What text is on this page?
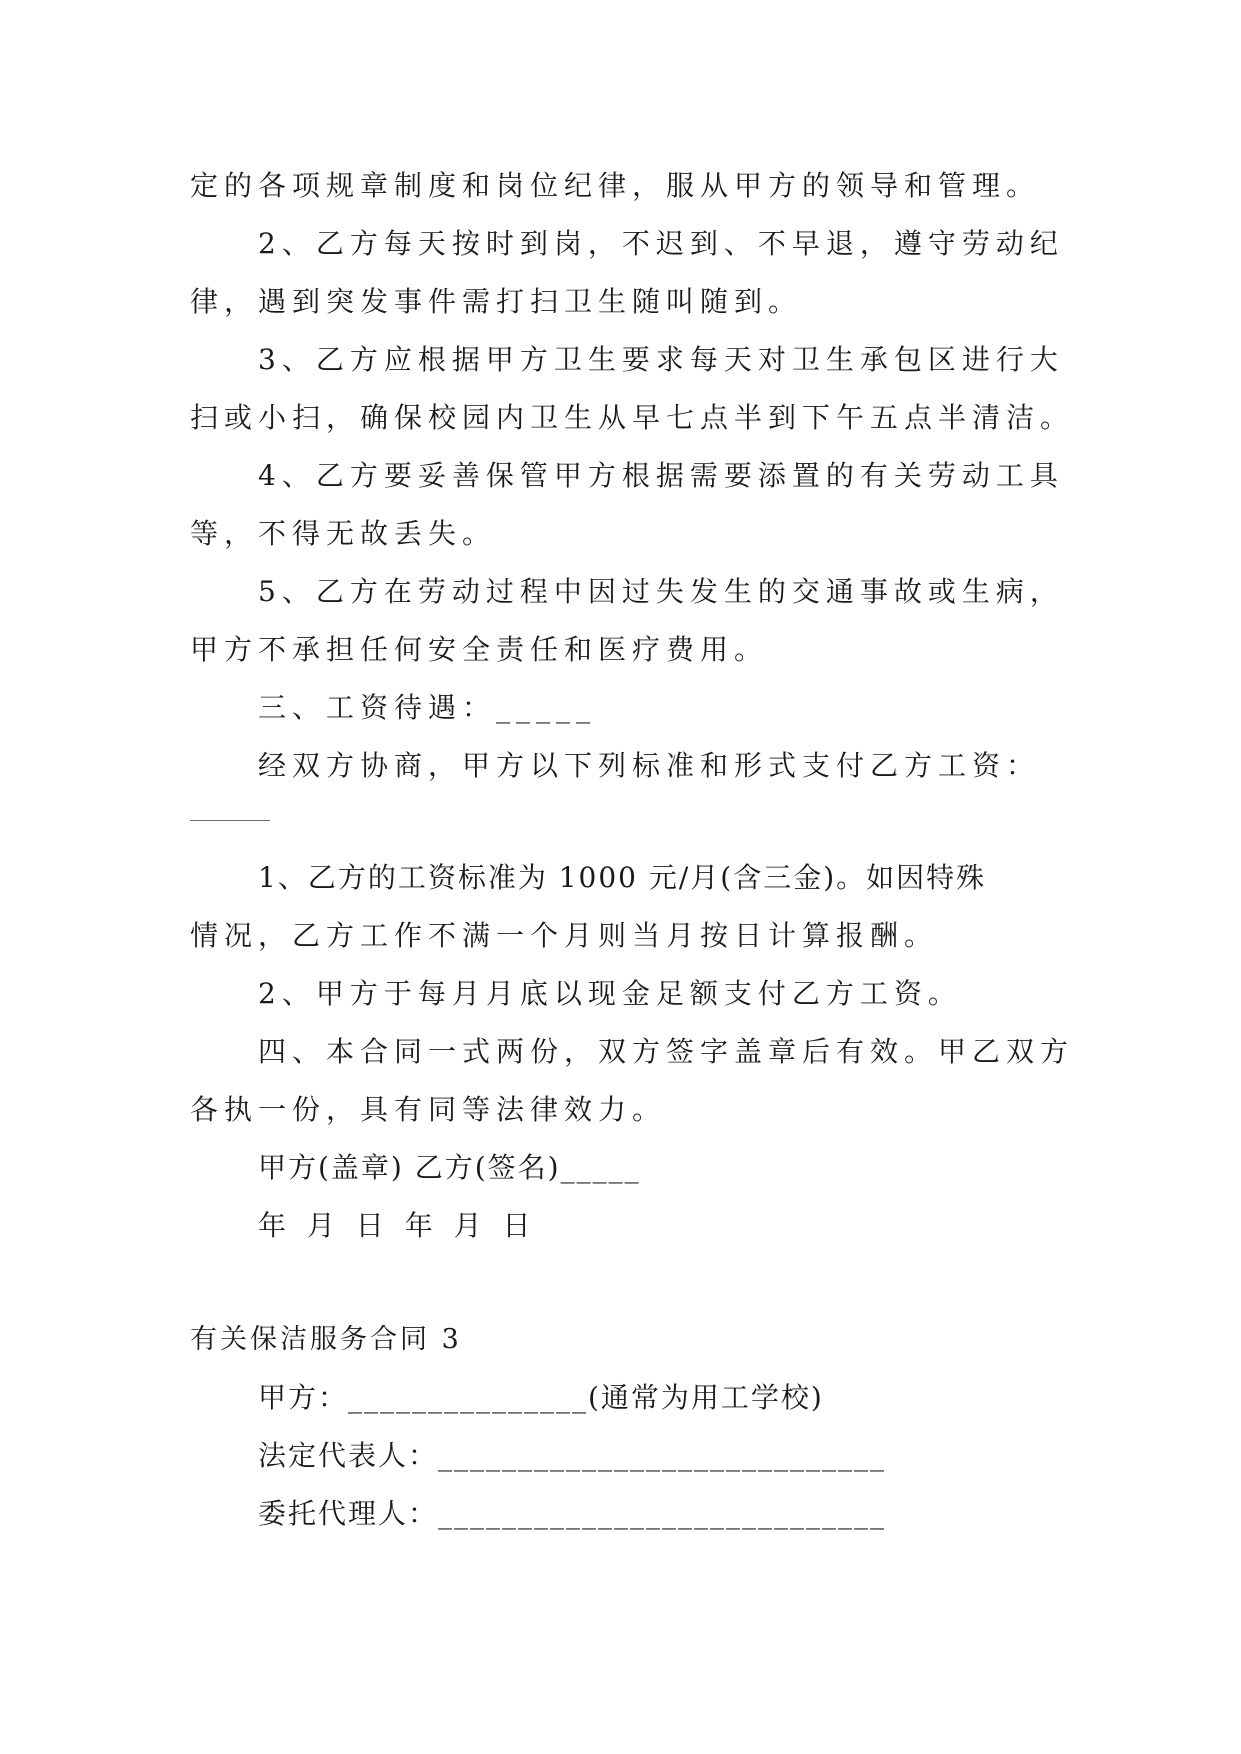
定的各项规章制度和岗位纪律，服从甲方的领导和管理。
2、乙方每天按时到岗，不迟到、不早退，遵守劳动纪
律，遇到突发事件需打扫卫生随叫随到。
3、乙方应根据甲方卫生要求每天对卫生承包区进行大
扫或小扫，确保校园内卫生从早七点半到下午五点半清洁。
4、乙方要妥善保管甲方根据需要添置的有关劳动工具
等，不得无故丢失。
5、乙方在劳动过程中因过失发生的交通事故或生病，
甲方不承担任何安全责任和医疗费用。
三、工资待遇：_____
经双方协商，甲方以下列标准和形式支付乙方工资：
1、乙方的工资标准为 1000 元/月(含三金)。如因特殊
情况，乙方工作不满一个月则当月按日计算报酬。
2、甲方于每月月底以现金足额支付乙方工资。
四、本合同一式两份，双方签字盖章后有效。甲乙双方
各执一份，具有同等法律效力。
甲方(盖章) 乙方(签名)_____
年 月 日 年 月 日
有关保洁服务合同 3
甲方：_______________(通常为用工学校)
法定代表人：____________________________
委托代理人：____________________________
